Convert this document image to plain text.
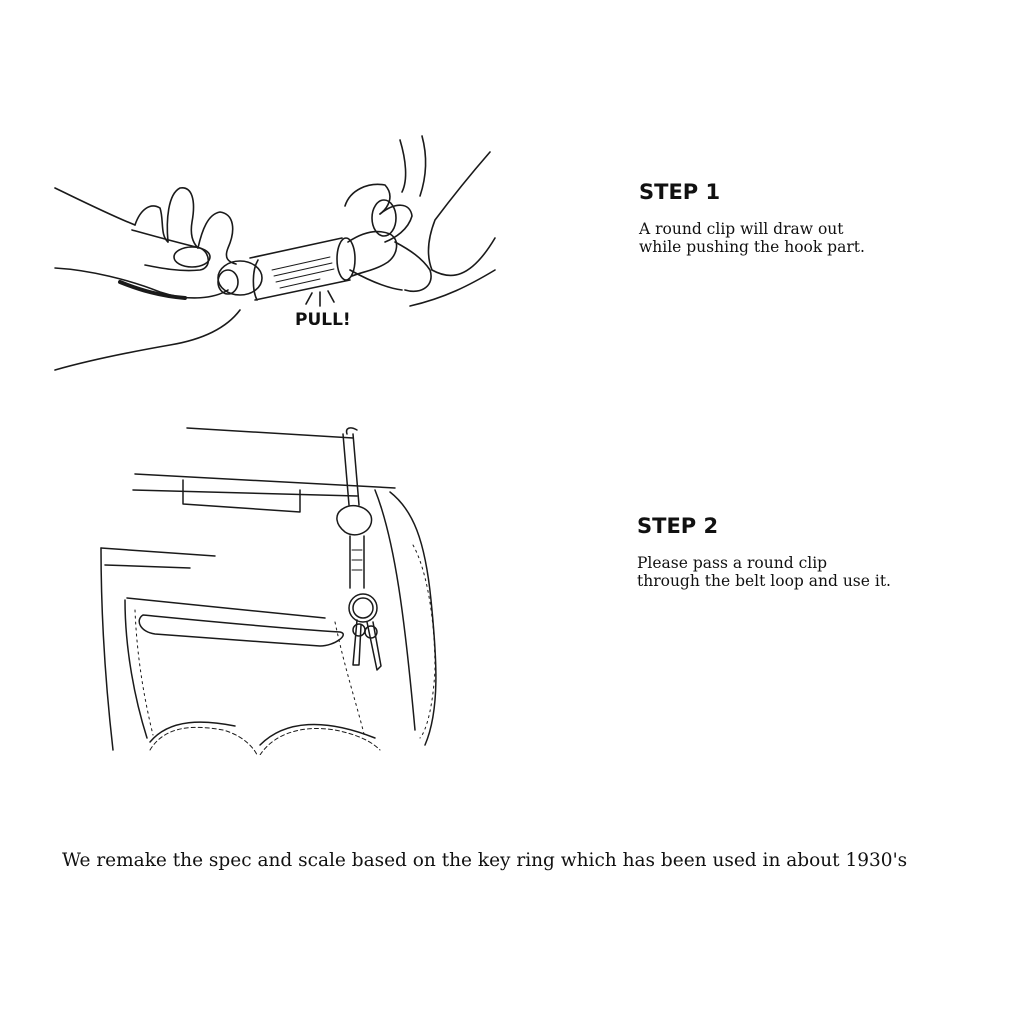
PULL!
STEP 1

A round clip will draw out
while pushing the hook part.

STEP 2

Please pass a round clip
through the belt loop and use it.

We remake the spec and scale based on the key ring which has been used in about 1930's
